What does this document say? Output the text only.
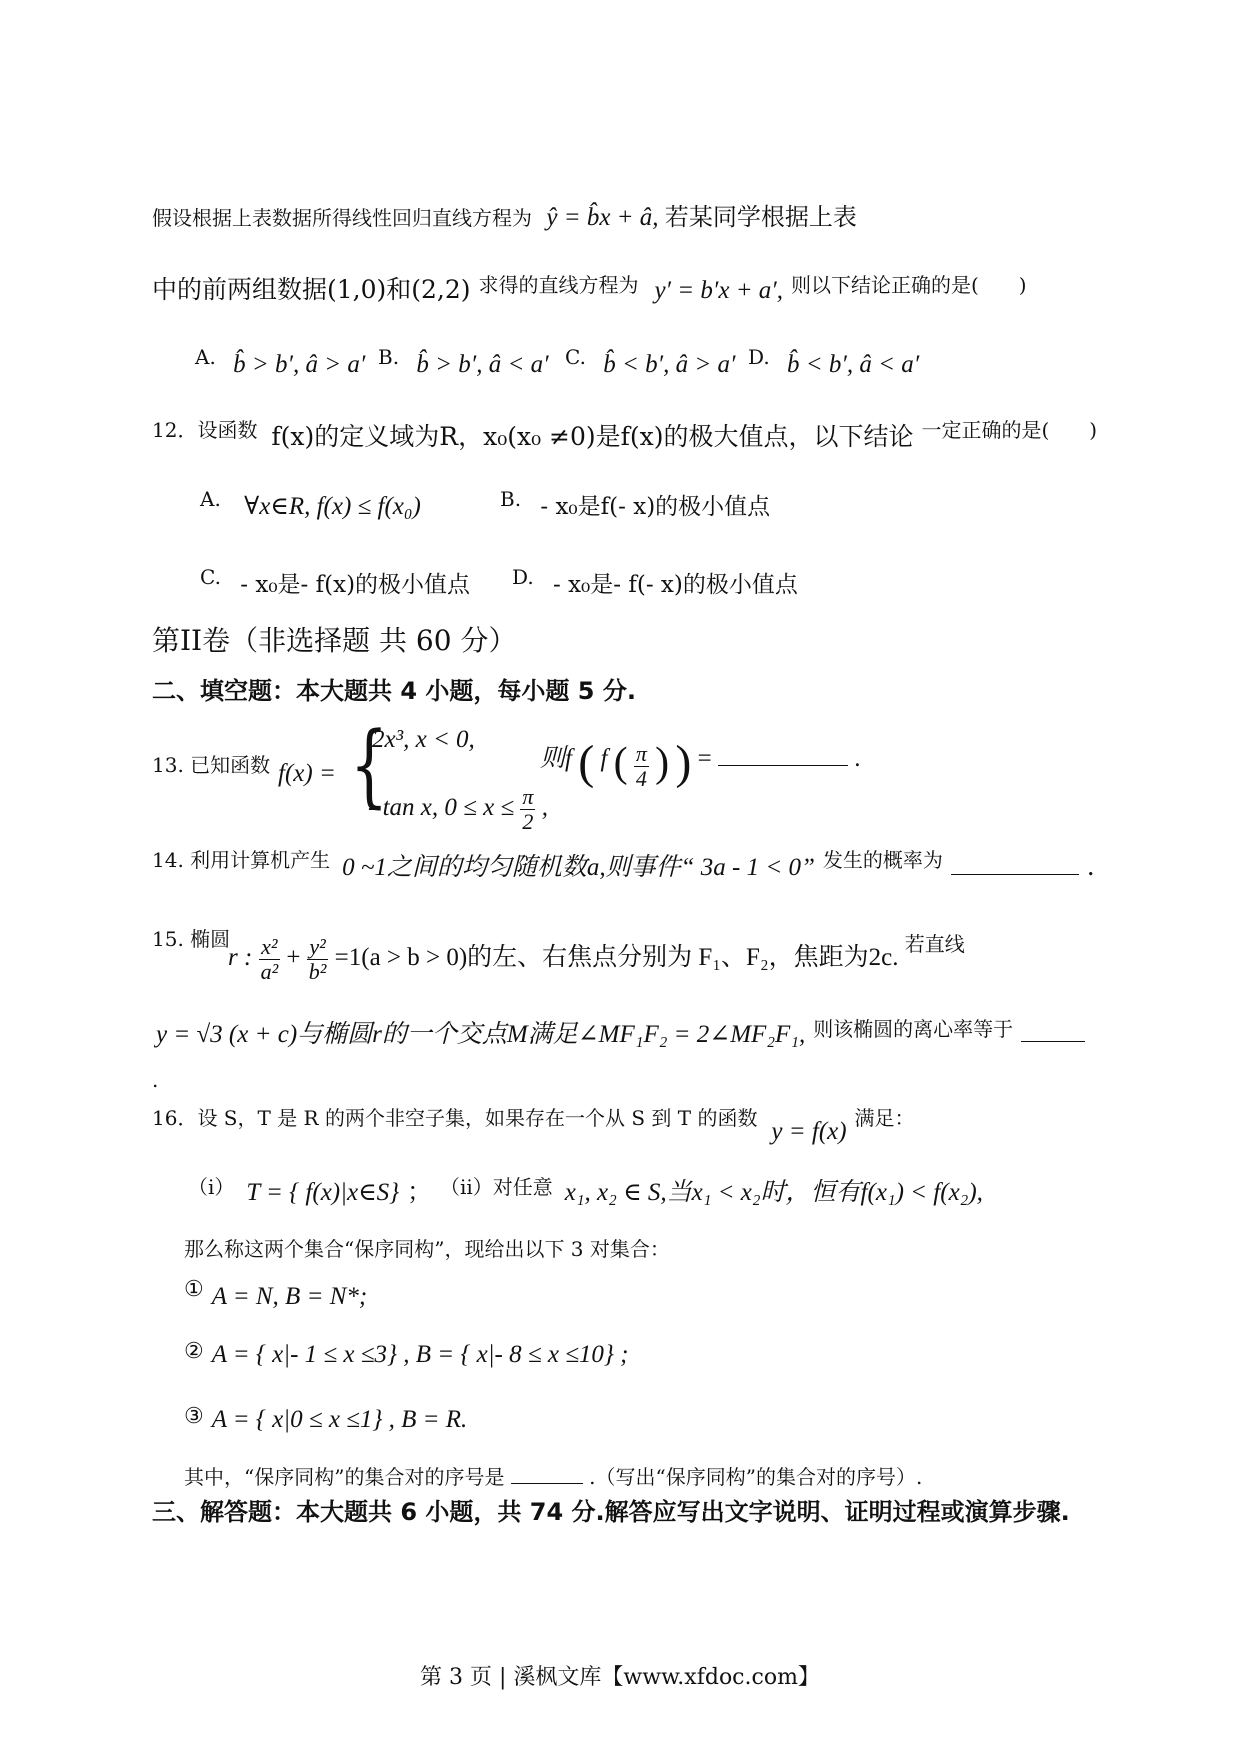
假设根据上表数据所得线性回归直线方程为 ŷ = b̂x + â, 若某同学根据上表
中的前两组数据(1,0)和(2,2) $^{求得的直线方程为}$ y′ = b′x + a′, $^{则以下结论正确的是( )}$
A. b̂ > b′, â > a′ B. b̂ > b′, â < a′ C. b̂ < b′, â > a′ D. b̂ < b′, â < a′
$^{12.设函数}$ f(x)的定义域为R，x₀(x₀ ≠0)是f(x)的极大值点，以下结论 $^{一定正确的是( )}$
A. ∀x∈R, f(x) ≤ f(x₀)	B. - x₀是f(- x)的极小值点
C. - x₀是- f(x)的极小值点 D. - x₀是- f(- x)的极小值点
第II卷（非选择题 共 60 分）
二、填空题：本大题共 4 小题，每小题 5 分.
13. 已知函数 f(x) = {
2x³, x < 0,
- tan x, $0 \le x \le \frac{\pi}{2}$ ,
则f ( f ( $\frac{\pi}{4}$ ) ) =	.
$^{14. 利用计算机产生}$ 0 ~1之间的均匀随机数a,则事件“ 3a - 1 < 0” $^{发生的概率为}$	.
15. 椭圆
r : $\frac{\text{x²}}{\text{a²}} + \frac{\text{y²}}{\text{b²}} =1(a > b > 0)$的左、右焦点分别为 F₁、F₂，焦距为2c. $^{若直线}$
y = √3 (x + c)与椭圆r的一个交点M满足∠MF₁F₂ = 2∠MF₂F₁, $^{则该椭圆的离心率等于}$
.
16．设 S，T 是 R 的两个非空子集，如果存在一个从 S 到 T 的函数 y = f(x) 满足：
$^{(i)}$ T = { f(x)|x∈S} ； $^{(ii)对任意}$ x₁, x₂ ∈ S,当x₁ < x₂时，恒有f(x₁) < f(x₂),
那么称这两个集合“保序同构”，现给出以下 3 对集合：
① A = N, B = N*;
② A = { x|- 1 ≤ x ≤3} , B = { x|- 8 ≤ x ≤10} ;
③ A = { x|0 ≤ x ≤1} , B = R.
其中，“保序同构”的集合对的序号是	.（写出“保序同构”的集合对的序号）.
三、解答题：本大题共 6 小题，共 74 分.解答应写出文字说明、证明过程或演算步骤.
第 3 页 | 溪枫文库【www.xfdoc.com】
